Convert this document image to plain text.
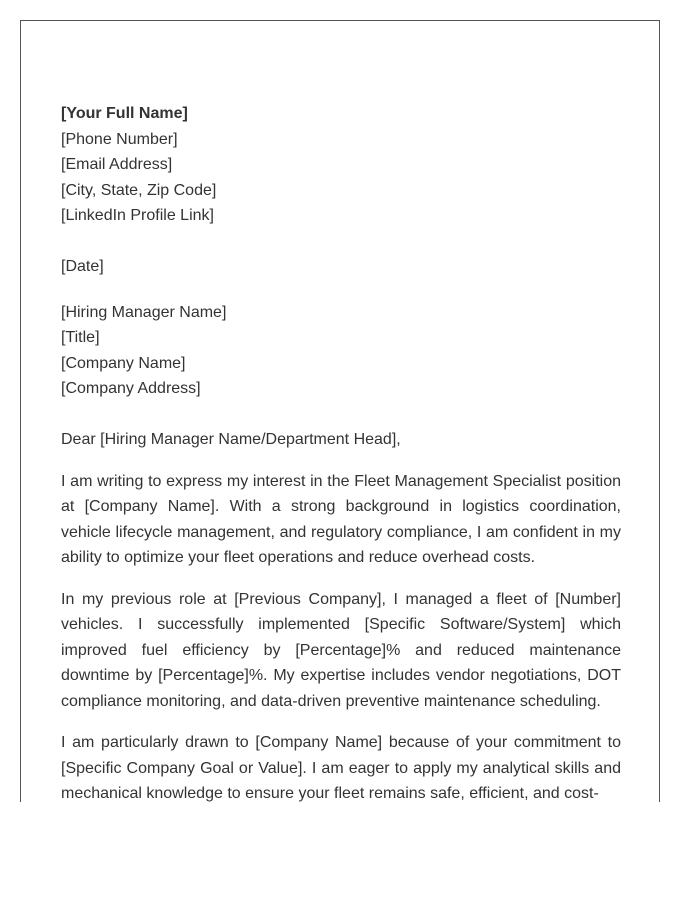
[Your Full Name]
[Phone Number]
[Email Address]
[City, State, Zip Code]
[LinkedIn Profile Link]
[Date]
[Hiring Manager Name]
[Title]
[Company Name]
[Company Address]
Dear [Hiring Manager Name/Department Head],

I am writing to express my interest in the Fleet Management Specialist position at [Company Name]. With a strong background in logistics coordination, vehicle lifecycle management, and regulatory compliance, I am confident in my ability to optimize your fleet operations and reduce overhead costs.

In my previous role at [Previous Company], I managed a fleet of [Number] vehicles. I successfully implemented [Specific Software/System] which improved fuel efficiency by [Percentage]% and reduced maintenance downtime by [Percentage]%. My expertise includes vendor negotiations, DOT compliance monitoring, and data-driven preventive maintenance scheduling.

I am particularly drawn to [Company Name] because of your commitment to [Specific Company Goal or Value]. I am eager to apply my analytical skills and mechanical knowledge to ensure your fleet remains safe, efficient, and cost-
